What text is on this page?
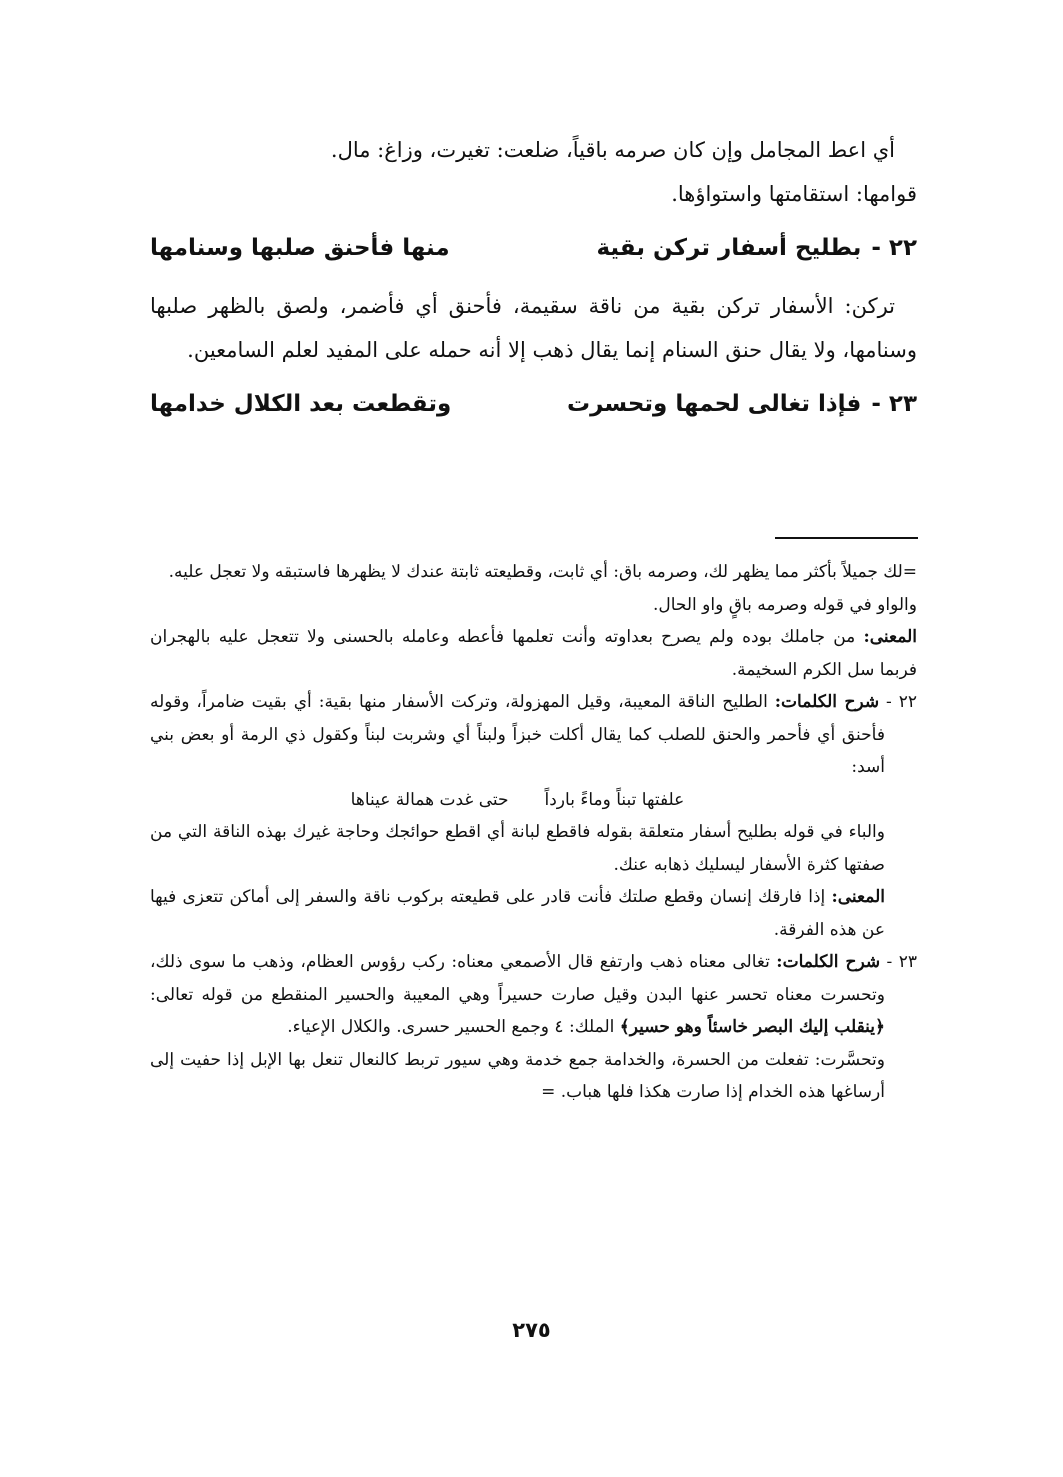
أي اعط المجامل وإن كان صرمه باقياً، ضلعت: تغيرت، وزاغ: مال.
قوامها: استقامتها واستواؤها.

٢٢ -
بطليح أسفار تركن بقية
منها فأحنق صلبها وسنامها

تركن: الأسفار تركن بقية من ناقة سقيمة، فأحنق أي فأضمر، ولصق بالظهر صلبها وسنامها، ولا يقال حنق السنام إنما يقال ذهب إلا أنه حمله على المفيد لعلم السامعين.

٢٣ -
فإذا تغالى لحمها وتحسرت
وتقطعت بعد الكلال خدامها

=لك جميلاً بأكثر مما يظهر لك، وصرمه باق: أي ثابت، وقطيعته ثابتة عندك لا يظهرها فاستبقه ولا تعجل عليه.

والواو في قوله وصرمه باقٍ واو الحال.

المعنى: من جاملك بوده ولم يصرح بعداوته وأنت تعلمها فأعطه وعامله بالحسنى ولا تتعجل عليه بالهجران فربما سل الكرم السخيمة.

٢٢ - شرح الكلمات: الطليح الناقة المعيبة، وقيل المهزولة، وتركت الأسفار منها بقية: أي بقيت ضامراً، وقوله فأحنق أي فأحمر والحنق للصلب كما يقال أكلت خبزاً ولبناً أي وشربت لبناً وكقول ذي الرمة أو بعض بني أسد:

علفتها تبناً وماءً بارداً
حتى غدت همالة عيناها

والباء في قوله بطليح أسفار متعلقة بقوله فاقطع لبانة أي اقطع حوائجك وحاجة غيرك بهذه الناقة التي من صفتها كثرة الأسفار ليسليك ذهابه عنك.

المعنى: إذا فارقك إنسان وقطع صلتك فأنت قادر على قطيعته بركوب ناقة والسفر إلى أماكن تتعزى فيها عن هذه الفرقة.

٢٣ - شرح الكلمات: تغالى معناه ذهب وارتفع قال الأصمعي معناه: ركب رؤوس العظام، وذهب ما سوى ذلك، وتحسرت معناه تحسر عنها البدن وقيل صارت حسيراً وهي المعيبة والحسير المنقطع من قوله تعالى: ﴿ينقلب إليك البصر خاسئاً وهو حسير﴾ الملك: ٤ وجمع الحسير حسرى. والكلال الإعياء.

وتحسَّرت: تفعلت من الحسرة، والخدامة جمع خدمة وهي سيور تربط كالنعال تنعل بها الإبل إذا حفيت إلى أرساغها هذه الخدام إذا صارت هكذا فلها هباب. =

٢٧٥
